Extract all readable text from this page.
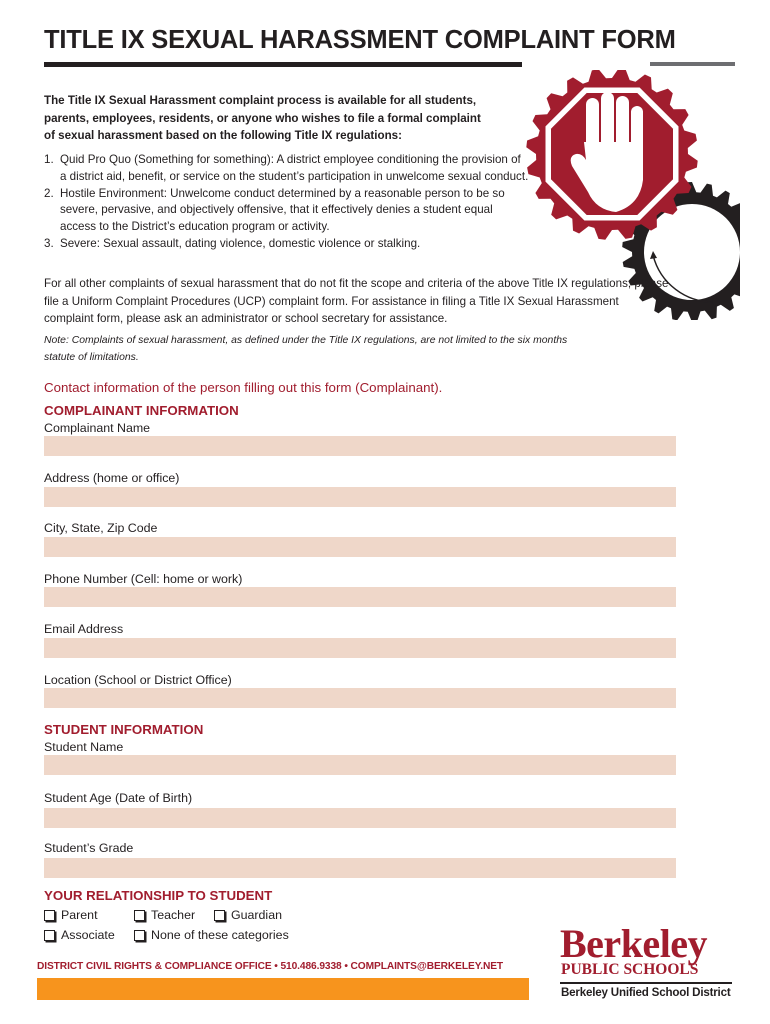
TITLE IX SEXUAL HARASSMENT COMPLAINT FORM
The Title IX Sexual Harassment complaint process is available for all students, parents, employees, residents, or anyone who wishes to file a formal complaint of sexual harassment based on the following Title IX regulations:
1. Quid Pro Quo (Something for something): A district employee conditioning the provision of a district aid, benefit, or service on the student’s participation in unwelcome sexual conduct.
2. Hostile Environment: Unwelcome conduct determined by a reasonable person to be so severe, pervasive, and objectively offensive, that it effectively denies a student equal access to the District’s education program or activity.
3. Severe: Sexual assault, dating violence, domestic violence or stalking.
For all other complaints of sexual harassment that do not fit the scope and criteria of the above Title IX regulations, please file a Uniform Complaint Procedures (UCP) complaint form. For assistance in filing a Title IX Sexual Harassment complaint form, please ask an administrator or school secretary for assistance.
Note: Complaints of sexual harassment, as defined under the Title IX regulations, are not limited to the six months statute of limitations.
Contact information of the person filling out this form (Complainant).
COMPLAINANT INFORMATION
Complainant Name
Address (home or office)
City, State, Zip Code
Phone Number (Cell: home or work)
Email Address
Location (School or District Office)
STUDENT INFORMATION
Student Name
Student Age (Date of Birth)
Student’s Grade
YOUR RELATIONSHIP TO STUDENT
Parent	Teacher	Guardian
Associate	None of these categories
DISTRICT CIVIL RIGHTS & COMPLIANCE OFFICE • 510.486.9338 • COMPLAINTS@BERKELEY.NET
Berkeley
PUBLIC SCHOOLS
Berkeley Unified School District
